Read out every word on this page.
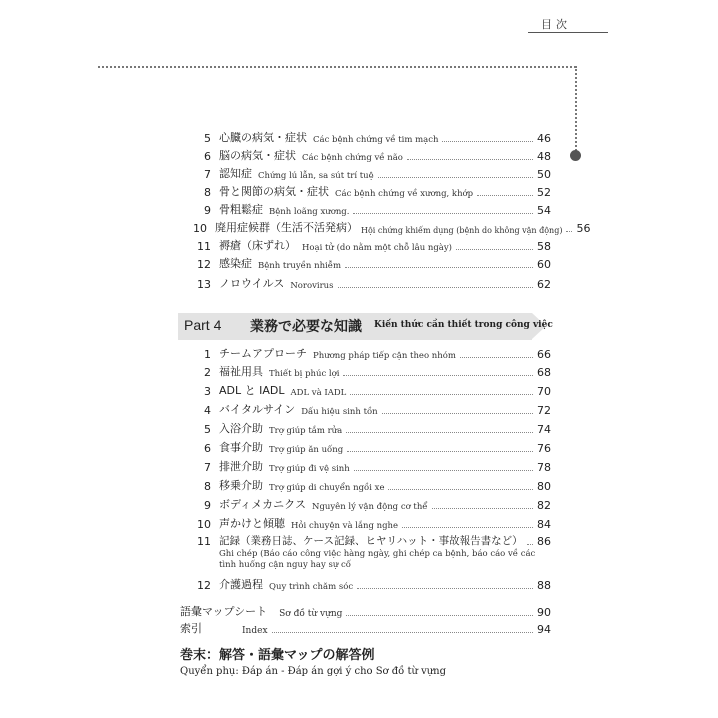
目次
5 心臓の病気・症状 Các bệnh chứng về tim mạch	46
6 脳の病気・症状 Các bệnh chứng về não	48
7 認知症 Chứng lú lẫn, sa sút trí tuệ	50
8 骨と関節の病気・症状 Các bệnh chứng về xương, khớp	52
9 骨粗鬆症 Bệnh loãng xương.	54
10 廃用症候群（生活不活発病） Hội chứng khiếm dụng (bệnh do không vận động) 56
11 褥瘡（床ずれ） Hoại tử (do nằm một chỗ lâu ngày)	58
12 感染症 Bệnh truyền nhiễm	60
13 ノロウイルス Norovirus	62
Part 4 業務で必要な知識 Kiến thức cần thiết trong công việc
1 チームアプローチ Phương pháp tiếp cận theo nhóm	66
2 福祉用具 Thiết bị phúc lợi	68
3 ADL と IADL ADL và IADL	70
4 バイタルサイン Dấu hiệu sinh tồn	72
5 入浴介助 Trợ giúp tắm rửa	74
6 食事介助 Trợ giúp ăn uống	76
7 排泄介助 Trợ giúp đi vệ sinh	78
8 移乗介助 Trợ giúp di chuyển ngồi xe	80
9 ボディメカニクス Nguyên lý vận động cơ thể	82
10 声かけと傾聴 Hỏi chuyện và lắng nghe	84
11 記録（業務日誌、ケース記録、ヒヤリハット・事故報告書など） 86
Ghi chép (Báo cáo công việc hàng ngày, ghi chép ca bệnh, báo cáo về các
tình huống cận nguy hay sự cố
12 介護過程 Quy trình chăm sóc	88
語彙マップシート Sơ đồ từ vựng	90
索引	Index	94
巻末：解答・語彙マップの解答例
Quyển phụ: Đáp án - Đáp án gợi ý cho Sơ đồ từ vựng
